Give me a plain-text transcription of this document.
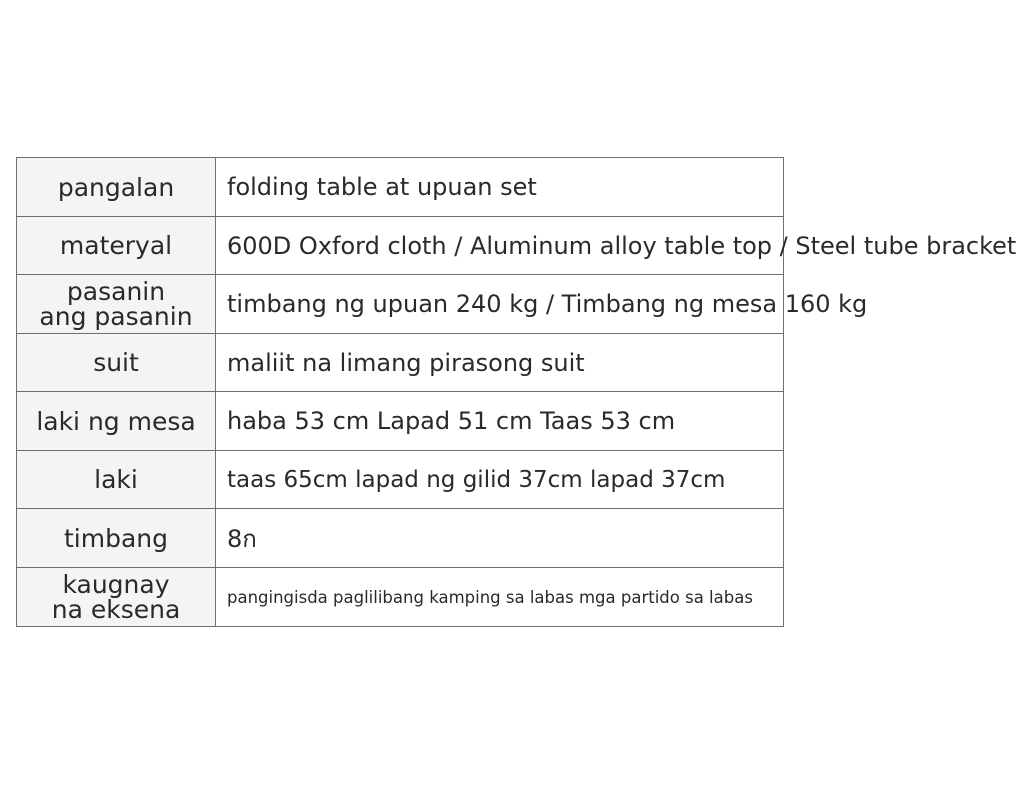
pangalan	folding table at upuan set

materyal	600D Oxford cloth / Aluminum alloy table top / Steel tube bracket

pasanin
ang pasanin	timbang ng upuan 240 kg / Timbang ng mesa 160 kg

suit	maliit na limang pirasong suit

laki ng mesa	haba 53 cm Lapad 51 cm Taas 53 cm

laki	taas 65cm lapad ng gilid 37cm lapad 37cm

timbang	8ก

kaugnay
na eksena	pangingisda paglilibang kamping sa labas mga partido sa labas
